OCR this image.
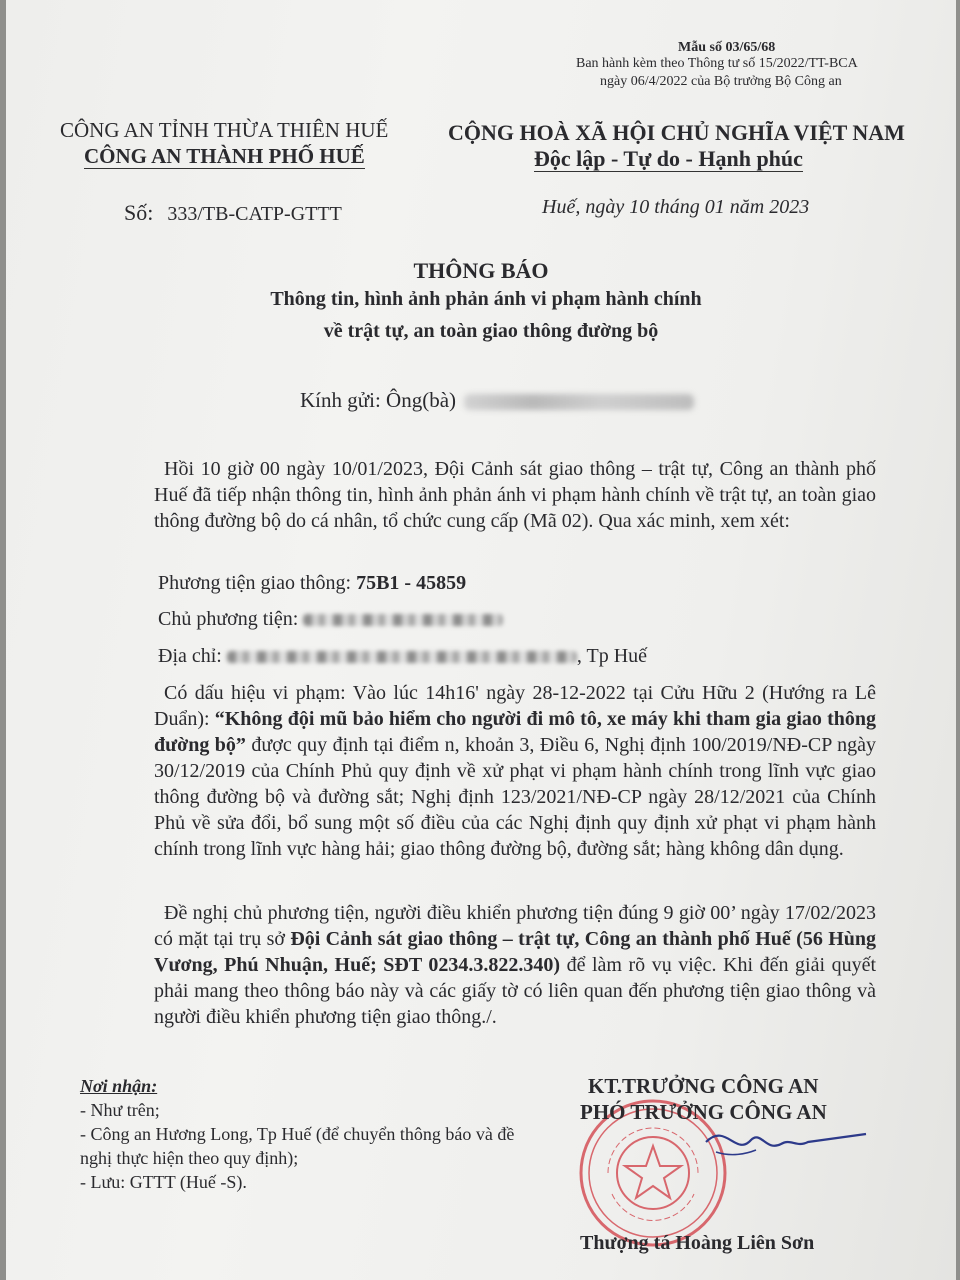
Mẫu số 03/65/68
Ban hành kèm theo Thông tư số 15/2022/TT-BCA
ngày 06/4/2022 của Bộ trưởng Bộ Công an
CÔNG AN TỈNH THỪA THIÊN HUẾ
CÔNG AN THÀNH PHỐ HUẾ
Số: 333/TB-CATP-GTTT
CỘNG HOÀ XÃ HỘI CHỦ NGHĨA VIỆT NAM
Độc lập - Tự do - Hạnh phúc
Huế, ngày 10 tháng 01 năm 2023
THÔNG BÁO
Thông tin, hình ảnh phản ánh vi phạm hành chính
về trật tự, an toàn giao thông đường bộ
Kính gửi: Ông(bà)
Hồi 10 giờ 00 ngày 10/01/2023, Đội Cảnh sát giao thông – trật tự, Công an thành phố Huế đã tiếp nhận thông tin, hình ảnh phản ánh vi phạm hành chính về trật tự, an toàn giao thông đường bộ do cá nhân, tổ chức cung cấp (Mã 02). Qua xác minh, xem xét:
Phương tiện giao thông: 75B1 - 45859
Chủ phương tiện:
Địa chỉ:	, Tp Huế
Có dấu hiệu vi phạm: Vào lúc 14h16' ngày 28-12-2022 tại Cửu Hữu 2 (Hướng ra Lê Duẩn): “Không đội mũ bảo hiểm cho người đi mô tô, xe máy khi tham gia giao thông đường bộ” được quy định tại điểm n, khoản 3, Điều 6, Nghị định 100/2019/NĐ-CP ngày 30/12/2019 của Chính Phủ quy định về xử phạt vi phạm hành chính trong lĩnh vực giao thông đường bộ và đường sắt; Nghị định 123/2021/NĐ-CP ngày 28/12/2021 của Chính Phủ về sửa đổi, bổ sung một số điều của các Nghị định quy định xử phạt vi phạm hành chính trong lĩnh vực hàng hải; giao thông đường bộ, đường sắt; hàng không dân dụng.
Đề nghị chủ phương tiện, người điều khiển phương tiện đúng 9 giờ 00’ ngày 17/02/2023 có mặt tại trụ sở Đội Cảnh sát giao thông – trật tự, Công an thành phố Huế (56 Hùng Vương, Phú Nhuận, Huế; SĐT 0234.3.822.340) để làm rõ vụ việc. Khi đến giải quyết phải mang theo thông báo này và các giấy tờ có liên quan đến phương tiện giao thông và người điều khiển phương tiện giao thông./.
Nơi nhận:
- Như trên;
- Công an Hương Long, Tp Huế (để chuyển thông báo và đề nghị thực hiện theo quy định);
- Lưu: GTTT (Huế -S).
KT.TRƯỞNG CÔNG AN
PHÓ TRƯỞNG CÔNG AN
Thượng tá Hoàng Liên Sơn
